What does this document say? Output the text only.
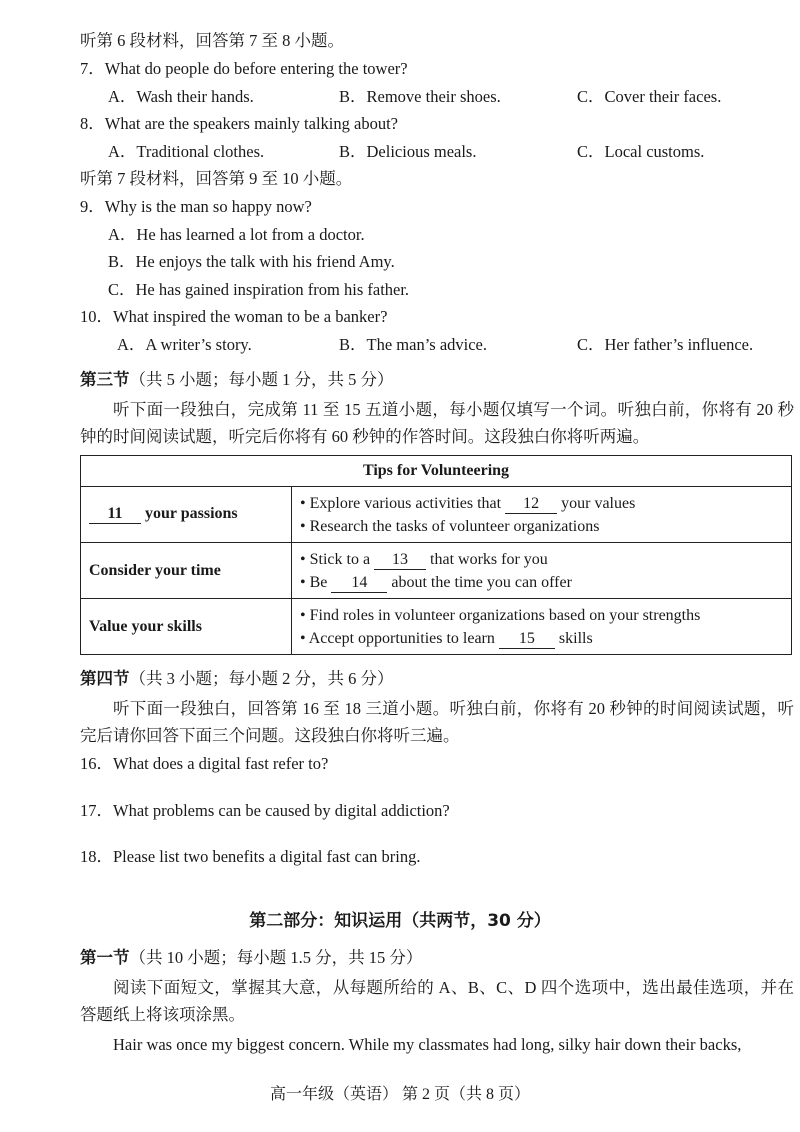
听第 6 段材料，回答第 7 至 8 小题。
7．What do people do before entering the tower?
A．Wash their hands.	B．Remove their shoes.	C．Cover their faces.
8．What are the speakers mainly talking about?
A．Traditional clothes.	B．Delicious meals.	C．Local customs.
听第 7 段材料，回答第 9 至 10 小题。
9．Why is the man so happy now?
A．He has learned a lot from a doctor.
B．He enjoys the talk with his friend Amy.
C．He has gained inspiration from his father.
10．What inspired the woman to be a banker?
A．A writer’s story.	B．The man’s advice.	C．Her father’s influence.
第三节（共 5 小题；每小题 1 分，共 5 分）
听下面一段独白，完成第 11 至 15 五道小题，每小题仅填写一个词。听独白前，你将有 20 秒钟的时间阅读试题，听完后你将有 60 秒钟的作答时间。这段独白你将听两遍。
Tips for Volunteering	
11 your passions	• Explore various activities that 12 your values
• Research the tasks of volunteer organizations

Consider your time	• Stick to a 13 that works for you
• Be 14 about the time you can offer

Value your skills	• Find roles in volunteer organizations based on your strengths
• Accept opportunities to learn 15 skills
第四节（共 3 小题；每小题 2 分，共 6 分）
听下面一段独白，回答第 16 至 18 三道小题。听独白前，你将有 20 秒钟的时间阅读试题，听完后请你回答下面三个问题。这段独白你将听三遍。
16．What does a digital fast refer to?
17．What problems can be caused by digital addiction?
18．Please list two benefits a digital fast can bring.
第二部分：知识运用（共两节，30 分）
第一节（共 10 小题；每小题 1.5 分，共 15 分）
阅读下面短文，掌握其大意，从每题所给的 A、B、C、D 四个选项中，选出最佳选项，并在答题纸上将该项涂黑。
Hair was once my biggest concern. While my classmates had long, silky hair down their backs,
高一年级（英语） 第 2 页（共 8 页）
